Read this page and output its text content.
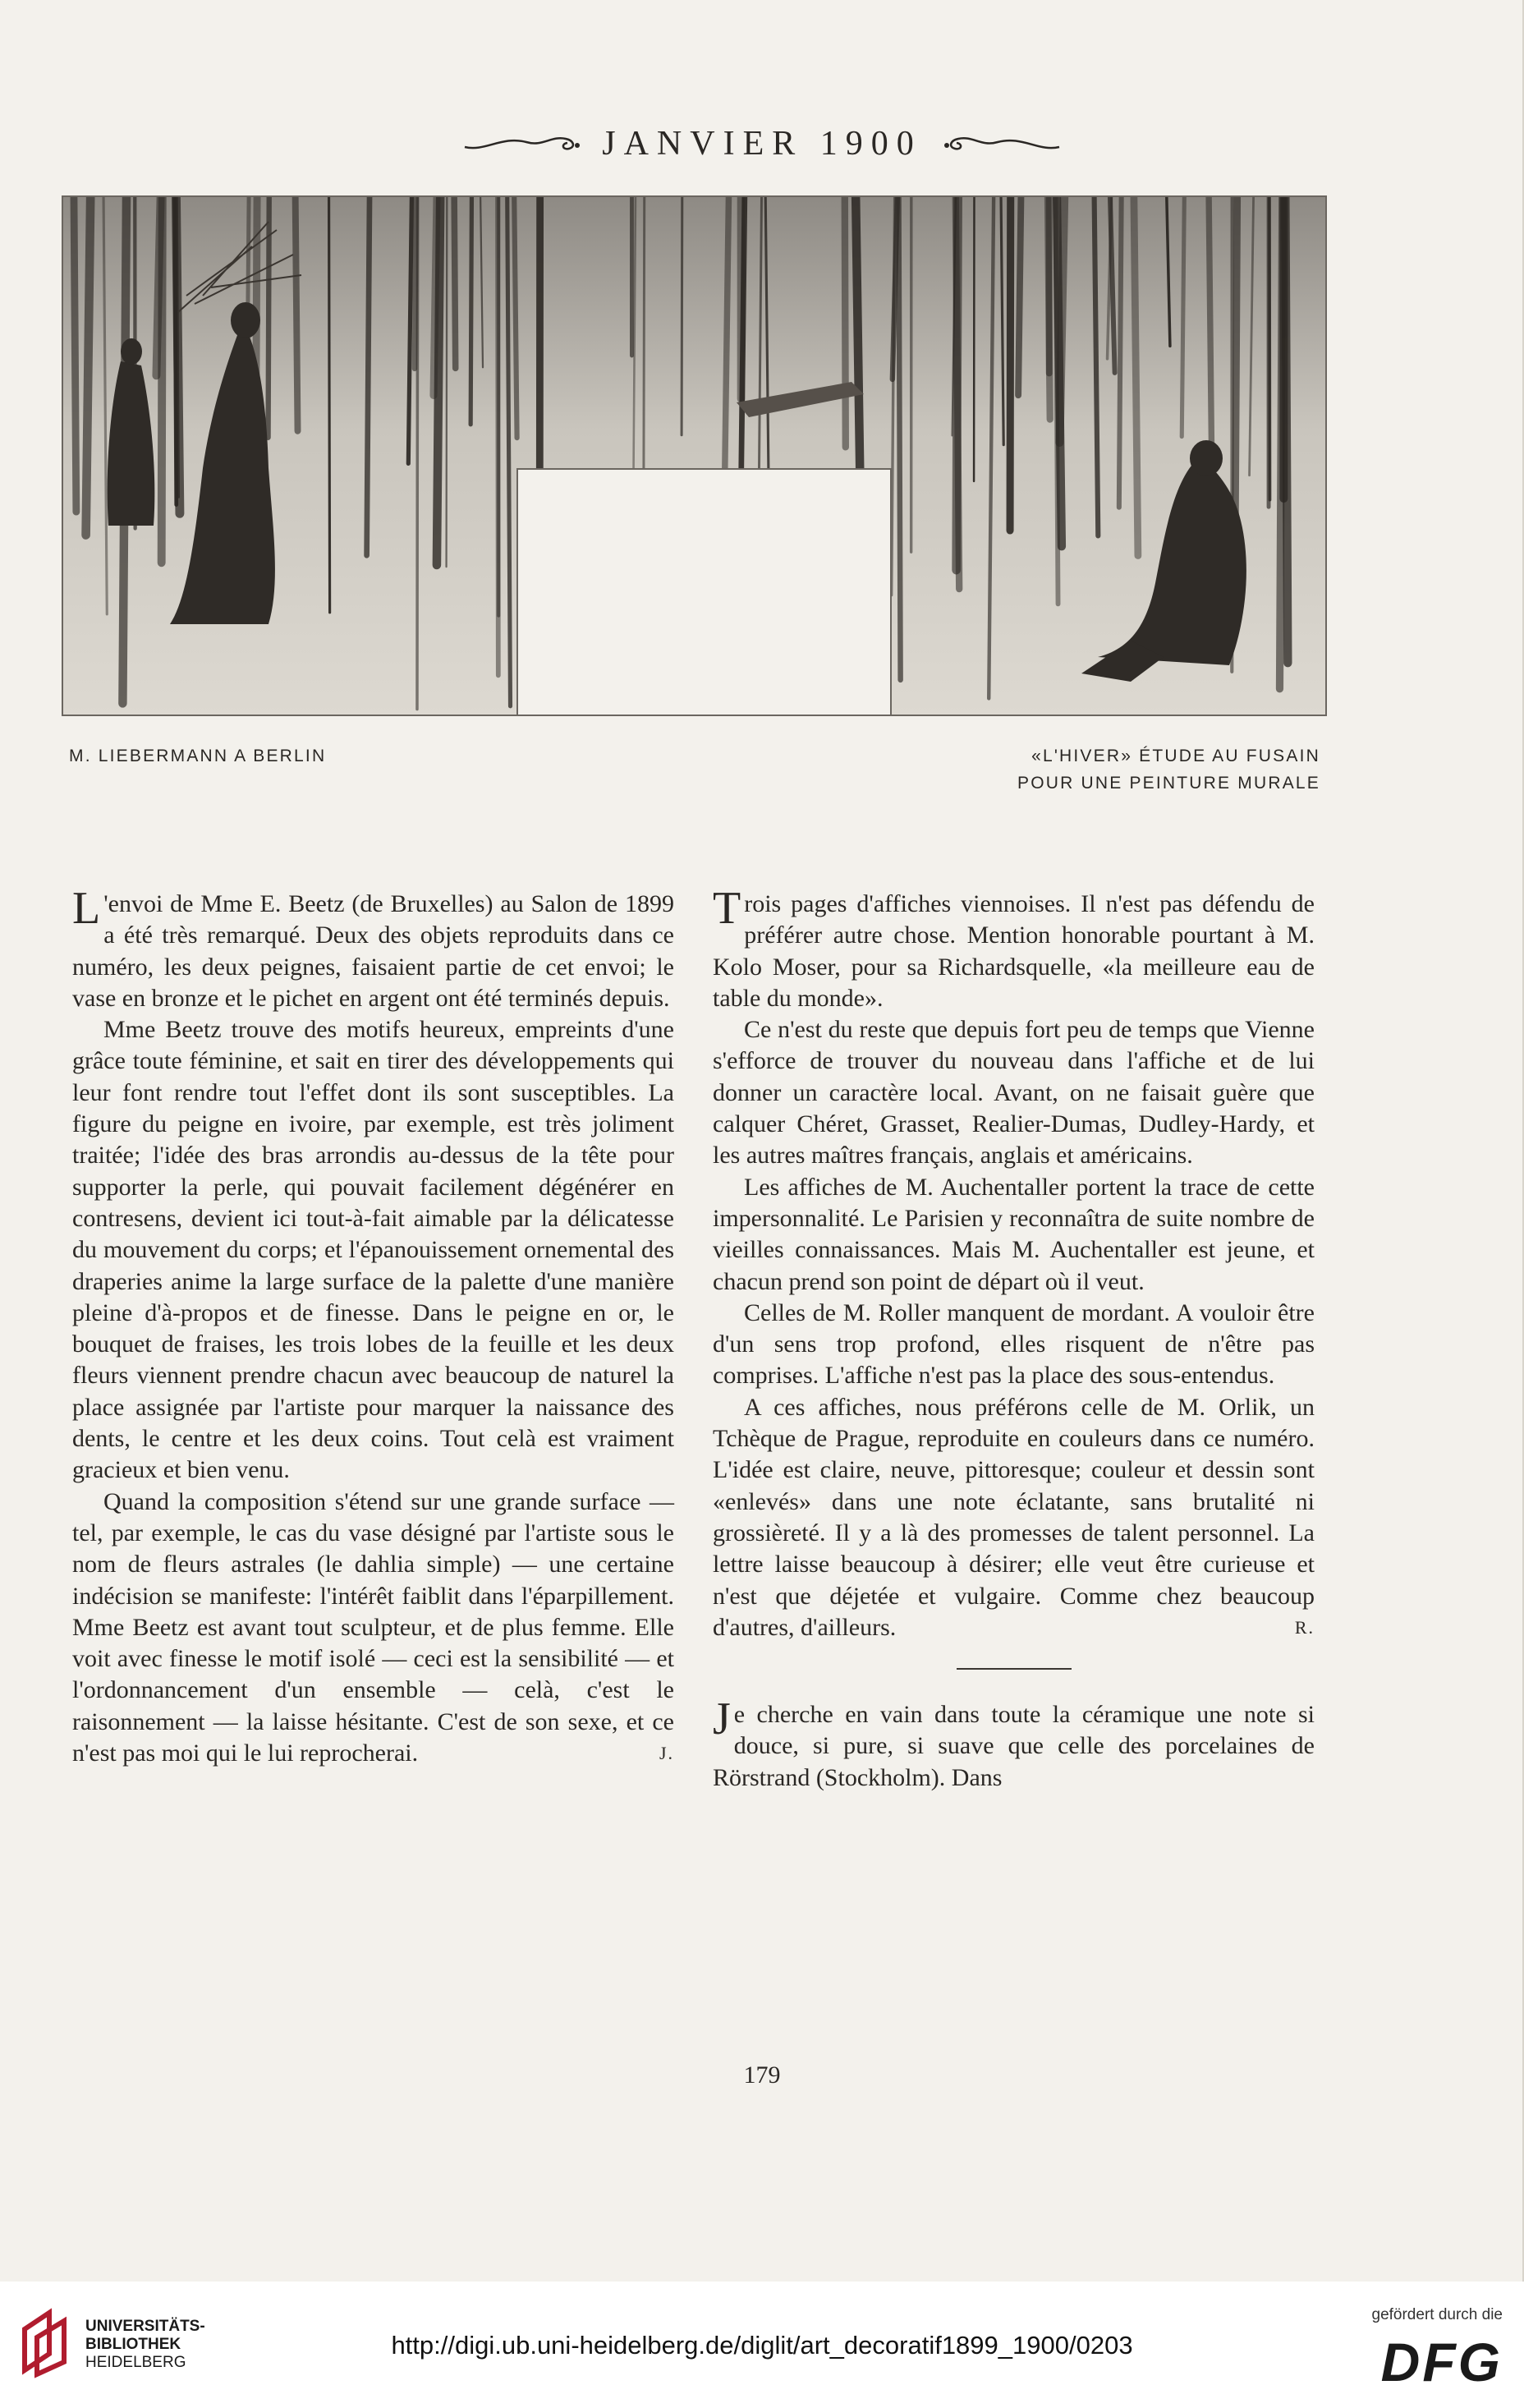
JANVIER 1900
M. LIEBERMANN A BERLIN	«L'HIVER» ÉTUDE AU FUSAIN
POUR UNE PEINTURE MURALE

L 'envoi de Mme E. Beetz (de Bruxelles) au Salon de 1899 a été très remarqué. Deux des objets reproduits dans ce numéro, les deux peignes, faisaient partie de cet envoi; le vase en bronze et le pichet en argent ont été terminés depuis.

Mme Beetz trouve des motifs heureux, empreints d'une grâce toute féminine, et sait en tirer des développements qui leur font rendre tout l'effet dont ils sont susceptibles. La figure du peigne en ivoire, par exemple, est très joliment traitée; l'idée des bras arrondis au-dessus de la tête pour supporter la perle, qui pouvait facilement dégénérer en contresens, devient ici tout-à-fait aimable par la délicatesse du mouvement du corps; et l'épanouissement ornemental des draperies anime la large surface de la palette d'une manière pleine d'à-propos et de finesse. Dans le peigne en or, le bouquet de fraises, les trois lobes de la feuille et les deux fleurs viennent prendre chacun avec beaucoup de naturel la place assignée par l'artiste pour marquer la naissance des dents, le centre et les deux coins. Tout celà est vraiment gracieux et bien venu.

Quand la composition s'étend sur une grande surface — tel, par exemple, le cas du vase désigné par l'artiste sous le nom de fleurs astrales (le dahlia simple) — une certaine indécision se manifeste: l'intérêt faiblit dans l'éparpillement. Mme Beetz est avant tout sculpteur, et de plus femme. Elle voit avec finesse le motif isolé — ceci est la sensibilité — et l'ordonnancement d'un ensemble — celà, c'est le raisonnement — la laisse hésitante. C'est de son sexe, et ce n'est pas moi qui le lui reprocherai.	J.

Trois pages d'affiches viennoises. Il n'est pas défendu de préférer autre chose. Mention honorable pourtant à M. Kolo Moser, pour sa Richardsquelle, «la meilleure eau de table du monde».

Ce n'est du reste que depuis fort peu de temps que Vienne s'efforce de trouver du nouveau dans l'affiche et de lui donner un caractère local. Avant, on ne faisait guère que calquer Chéret, Grasset, Realier-Dumas, Dudley-Hardy, et les autres maîtres français, anglais et américains.

Les affiches de M. Auchentaller portent la trace de cette impersonnalité. Le Parisien y reconnaîtra de suite nombre de vieilles connaissances. Mais M. Auchentaller est jeune, et chacun prend son point de départ où il veut.

Celles de M. Roller manquent de mordant. A vouloir être d'un sens trop profond, elles risquent de n'être pas comprises. L'affiche n'est pas la place des sous-entendus.

A ces affiches, nous préférons celle de M. Orlik, un Tchèque de Prague, reproduite en couleurs dans ce numéro. L'idée est claire, neuve, pittoresque; couleur et dessin sont «enlevés» dans une note éclatante, sans brutalité ni grossièreté. Il y a là des promesses de talent personnel. La lettre laisse beaucoup à désirer; elle veut être curieuse et n'est que déjetée et vulgaire. Comme chez beaucoup d'autres, d'ailleurs.	R.

Je cherche en vain dans toute la céramique une note si douce, si pure, si suave que celle des porcelaines de Rörstrand (Stockholm). Dans

179
UNIVERSITÄTS-
BIBLIOTHEK
HEIDELBERG
http://digi.ub.uni-heidelberg.de/diglit/art_decoratif1899_1900/0203
gefördert durch die
DFG
